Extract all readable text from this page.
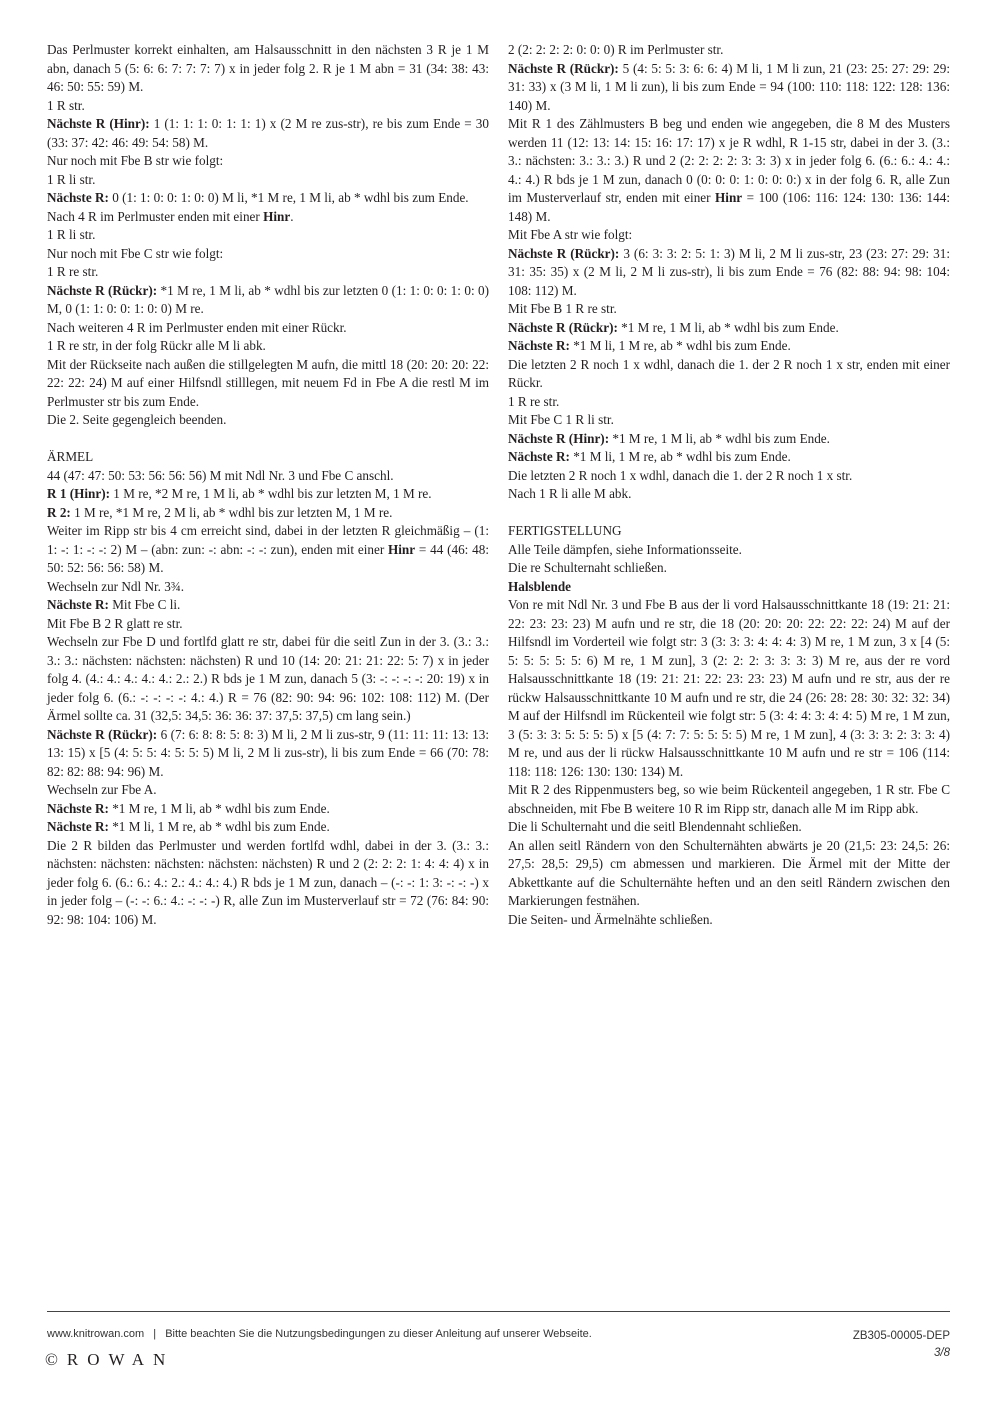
Das Perlmuster korrekt einhalten, am Halsausschnitt in den nächsten 3 R je 1 M abn, danach 5 (5: 6: 6: 7: 7: 7: 7) x in jeder folg 2. R je 1 M abn = 31 (34: 38: 43: 46: 50: 55: 59) M.

1 R str.

Nächste R (Hinr): 1 (1: 1: 1: 0: 1: 1: 1) x (2 M re zus-str), re bis zum Ende = 30 (33: 37: 42: 46: 49: 54: 58) M.

Nur noch mit Fbe B str wie folgt:

1 R li str.

Nächste R: 0 (1: 1: 0: 0: 1: 0: 0) M li, *1 M re, 1 M li, ab * wdhl bis zum Ende.

Nach 4 R im Perlmuster enden mit einer Hinr.

1 R li str.

Nur noch mit Fbe C str wie folgt:

1 R re str.

Nächste R (Rückr): *1 M re, 1 M li, ab * wdhl bis zur letzten 0 (1: 1: 0: 0: 1: 0: 0) M, 0 (1: 1: 0: 0: 1: 0: 0) M re.

Nach weiteren 4 R im Perlmuster enden mit einer Rückr.

1 R re str, in der folg Rückr alle M li abk.

Mit der Rückseite nach außen die stillgelegten M aufn, die mittl 18 (20: 20: 20: 22: 22: 22: 24) M auf einer Hilfsndl stilllegen, mit neuem Fd in Fbe A die restl M im Perlmuster str bis zum Ende.

Die 2. Seite gegengleich beenden.

ÄRMEL

44 (47: 47: 50: 53: 56: 56: 56) M mit Ndl Nr. 3 und Fbe C anschl.

R 1 (Hinr): 1 M re, *2 M re, 1 M li, ab * wdhl bis zur letzten M, 1 M re.

R 2: 1 M re, *1 M re, 2 M li, ab * wdhl bis zur letzten M, 1 M re.

Weiter im Ripp str bis 4 cm erreicht sind, dabei in der letzten R gleichmäßig – (1: 1: -: 1: -: -: 2) M – (abn: zun: -: abn: -: -: zun), enden mit einer Hinr = 44 (46: 48: 50: 52: 56: 56: 58) M.

Wechseln zur Ndl Nr. 3¾.

Nächste R: Mit Fbe C li.

Mit Fbe B 2 R glatt re str.

Wechseln zur Fbe D und fortlfd glatt re str, dabei für die seitl Zun in der 3. (3.: 3.: 3.: 3.: nächsten: nächsten: nächsten) R und 10 (14: 20: 21: 21: 22: 5: 7) x in jeder folg 4. (4.: 4.: 4.: 4.: 4.: 2.: 2.) R bds je 1 M zun, danach 5 (3: -: -: -: -: 20: 19) x in jeder folg 6. (6.: -: -: -: -: 4.: 4.) R = 76 (82: 90: 94: 96: 102: 108: 112) M. (Der Ärmel sollte ca. 31 (32,5: 34,5: 36: 36: 37: 37,5: 37,5) cm lang sein.)

Nächste R (Rückr): 6 (7: 6: 8: 8: 5: 8: 3) M li, 2 M li zus-str, 9 (11: 11: 11: 13: 13: 13: 15) x [5 (4: 5: 5: 4: 5: 5: 5) M li, 2 M li zus-str), li bis zum Ende = 66 (70: 78: 82: 82: 88: 94: 96) M.

Wechseln zur Fbe A.

Nächste R: *1 M re, 1 M li, ab * wdhl bis zum Ende.

Nächste R: *1 M li, 1 M re, ab * wdhl bis zum Ende.

Die 2 R bilden das Perlmuster und werden fortlfd wdhl, dabei in der 3. (3.: 3.: nächsten: nächsten: nächsten: nächsten: nächsten) R und 2 (2: 2: 2: 1: 4: 4: 4) x in jeder folg 6. (6.: 6.: 4.: 2.: 4.: 4.: 4.) R bds je 1 M zun, danach – (-: -: 1: 3: -: -: -) x in jeder folg – (-: -: 6.: 4.: -: -: -) R, alle Zun im Musterverlauf str = 72 (76: 84: 90: 92: 98: 104: 106) M.

2 (2: 2: 2: 2: 0: 0: 0) R im Perlmuster str.

Nächste R (Rückr): 5 (4: 5: 5: 3: 6: 6: 4) M li, 1 M li zun, 21 (23: 25: 27: 29: 29: 31: 33) x (3 M li, 1 M li zun), li bis zum Ende = 94 (100: 110: 118: 122: 128: 136: 140) M.

Mit R 1 des Zählmusters B beg und enden wie angegeben, die 8 M des Musters werden 11 (12: 13: 14: 15: 16: 17: 17) x je R wdhl, R 1-15 str, dabei in der 3. (3.: 3.: nächsten: 3.: 3.: 3.) R und 2 (2: 2: 2: 2: 3: 3: 3) x in jeder folg 6. (6.: 6.: 4.: 4.: 4.: 4.) R bds je 1 M zun, danach 0 (0: 0: 0: 1: 0: 0: 0:) x in der folg 6. R, alle Zun im Musterverlauf str, enden mit einer Hinr = 100 (106: 116: 124: 130: 136: 144: 148) M.

Mit Fbe A str wie folgt:

Nächste R (Rückr): 3 (6: 3: 3: 2: 5: 1: 3) M li, 2 M li zus-str, 23 (23: 27: 29: 31: 31: 35: 35) x (2 M li, 2 M li zus-str), li bis zum Ende = 76 (82: 88: 94: 98: 104: 108: 112) M.

Mit Fbe B 1 R re str.

Nächste R (Rückr): *1 M re, 1 M li, ab * wdhl bis zum Ende.

Nächste R: *1 M li, 1 M re, ab * wdhl bis zum Ende.

Die letzten 2 R noch 1 x wdhl, danach die 1. der 2 R noch 1 x str, enden mit einer Rückr.

1 R re str.

Mit Fbe C 1 R li str.

Nächste R (Hinr): *1 M re, 1 M li, ab * wdhl bis zum Ende.

Nächste R: *1 M li, 1 M re, ab * wdhl bis zum Ende.

Die letzten 2 R noch 1 x wdhl, danach die 1. der 2 R noch 1 x str.

Nach 1 R li alle M abk.

FERTIGSTELLUNG

Alle Teile dämpfen, siehe Informationsseite.

Die re Schulternaht schließen.

Halsblende

Von re mit Ndl Nr. 3 und Fbe B aus der li vord Halsausschnittkante 18 (19: 21: 21: 22: 23: 23: 23) M aufn und re str, die 18 (20: 20: 20: 22: 22: 22: 24) M auf der Hilfsndl im Vorderteil wie folgt str: 3 (3: 3: 3: 4: 4: 4: 3) M re, 1 M zun, 3 x [4 (5: 5: 5: 5: 5: 5: 6) M re, 1 M zun], 3 (2: 2: 2: 3: 3: 3: 3) M re, aus der re vord Halsausschnittkante 18 (19: 21: 21: 22: 23: 23: 23) M aufn und re str, aus der re rückw Halsausschnittkante 10 M aufn und re str, die 24 (26: 28: 28: 30: 32: 32: 34) M auf der Hilfsndl im Rückenteil wie folgt str: 5 (3: 4: 4: 3: 4: 4: 5) M re, 1 M zun, 3 (5: 3: 3: 5: 5: 5: 5) x [5 (4: 7: 7: 5: 5: 5: 5) M re, 1 M zun], 4 (3: 3: 3: 2: 3: 3: 4) M re, und aus der li rückw Halsausschnittkante 10 M aufn und re str = 106 (114: 118: 118: 126: 130: 130: 134) M.

Mit R 2 des Rippenmusters beg, so wie beim Rückenteil angegeben, 1 R str. Fbe C abschneiden, mit Fbe B weitere 10 R im Ripp str, danach alle M im Ripp abk.

Die li Schulternaht und die seitl Blendennaht schließen.

An allen seitl Rändern von den Schulternähten abwärts je 20 (21,5: 23: 24,5: 26: 27,5: 28,5: 29,5) cm abmessen und markieren. Die Ärmel mit der Mitte der Abkettkante auf die Schulternähte heften und an den seitl Rändern zwischen den Markierungen festnähen.

Die Seiten- und Ärmelnähte schließen.

www.knitrowan.com | Bitte beachten Sie die Nutzungsbedingungen zu dieser Anleitung auf unserer Webseite.
©ROWAN
ZB305-00005-DEP
3/8
